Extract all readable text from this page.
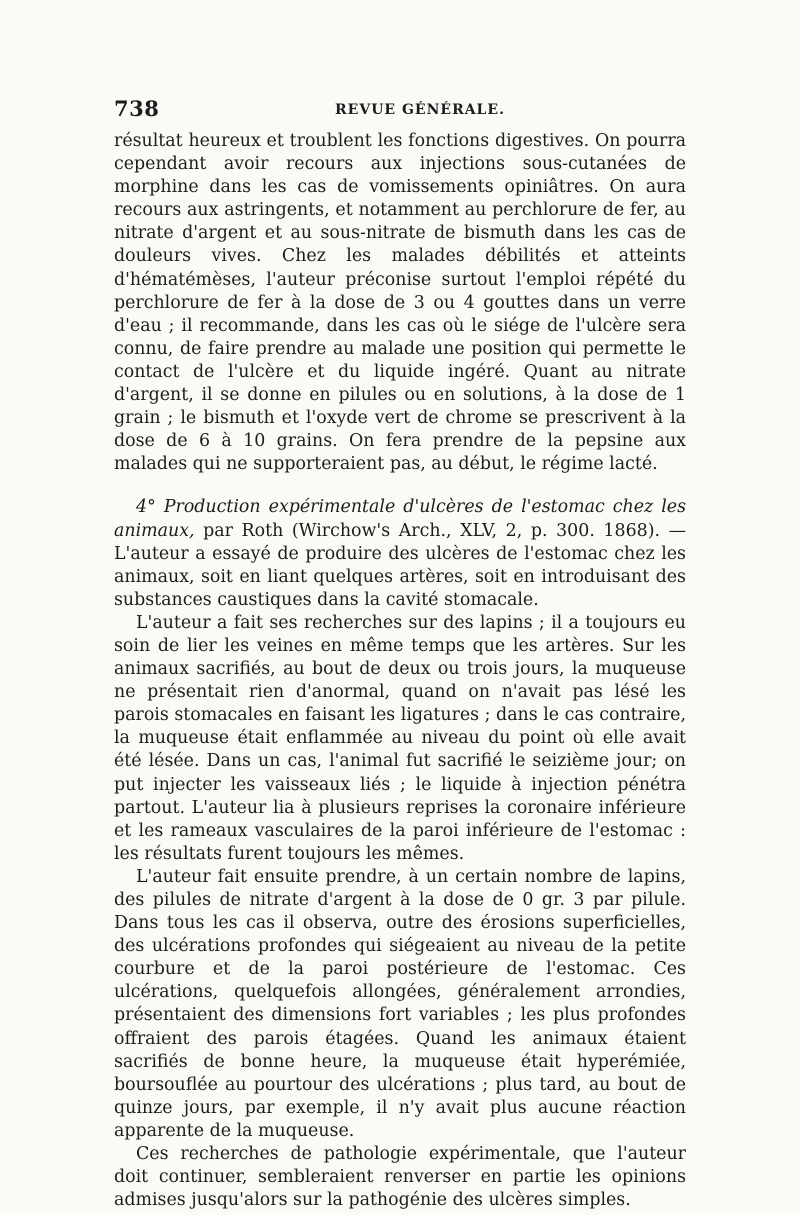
738	REVUE GÉNÉRALE.

résultat heureux et troublent les fonctions digestives. On pourra cependant avoir recours aux injections sous-cutanées de morphine dans les cas de vomissements opiniâtres. On aura recours aux astringents, et notamment au perchlorure de fer, au nitrate d'argent et au sous-nitrate de bismuth dans les cas de douleurs vives. Chez les malades débilités et atteints d'hématémèses, l'auteur préconise surtout l'emploi répété du perchlorure de fer à la dose de 3 ou 4 gouttes dans un verre d'eau ; il recommande, dans les cas où le siége de l'ulcère sera connu, de faire prendre au malade une position qui permette le contact de l'ulcère et du liquide ingéré. Quant au nitrate d'argent, il se donne en pilules ou en solutions, à la dose de 1 grain ; le bismuth et l'oxyde vert de chrome se prescrivent à la dose de 6 à 10 grains. On fera prendre de la pepsine aux malades qui ne supporteraient pas, au début, le régime lacté.

4° Production expérimentale d'ulcères de l'estomac chez les animaux, par Roth (Wirchow's Arch., XLV, 2, p. 300. 1868). — L'auteur a essayé de produire des ulcères de l'estomac chez les animaux, soit en liant quelques artères, soit en introduisant des substances caustiques dans la cavité stomacale.

L'auteur a fait ses recherches sur des lapins ; il a toujours eu soin de lier les veines en même temps que les artères. Sur les animaux sacrifiés, au bout de deux ou trois jours, la muqueuse ne présentait rien d'anormal, quand on n'avait pas lésé les parois stomacales en faisant les ligatures ; dans le cas contraire, la muqueuse était enflammée au niveau du point où elle avait été lésée. Dans un cas, l'animal fut sacrifié le seizième jour; on put injecter les vaisseaux liés ; le liquide à injection pénétra partout. L'auteur lia à plusieurs reprises la coronaire inférieure et les rameaux vasculaires de la paroi inférieure de l'estomac : les résultats furent toujours les mêmes.

L'auteur fait ensuite prendre, à un certain nombre de lapins, des pilules de nitrate d'argent à la dose de 0 gr. 3 par pilule. Dans tous les cas il observa, outre des érosions superficielles, des ulcérations profondes qui siégeaient au niveau de la petite courbure et de la paroi postérieure de l'estomac. Ces ulcérations, quelquefois allongées, généralement arrondies, présentaient des dimensions fort variables ; les plus profondes offraient des parois étagées. Quand les animaux étaient sacrifiés de bonne heure, la muqueuse était hyperémiée, boursouflée au pourtour des ulcérations ; plus tard, au bout de quinze jours, par exemple, il n'y avait plus aucune réaction apparente de la muqueuse.

Ces recherches de pathologie expérimentale, que l'auteur doit continuer, sembleraient renverser en partie les opinions admises jusqu'alors sur la pathogénie des ulcères simples.
